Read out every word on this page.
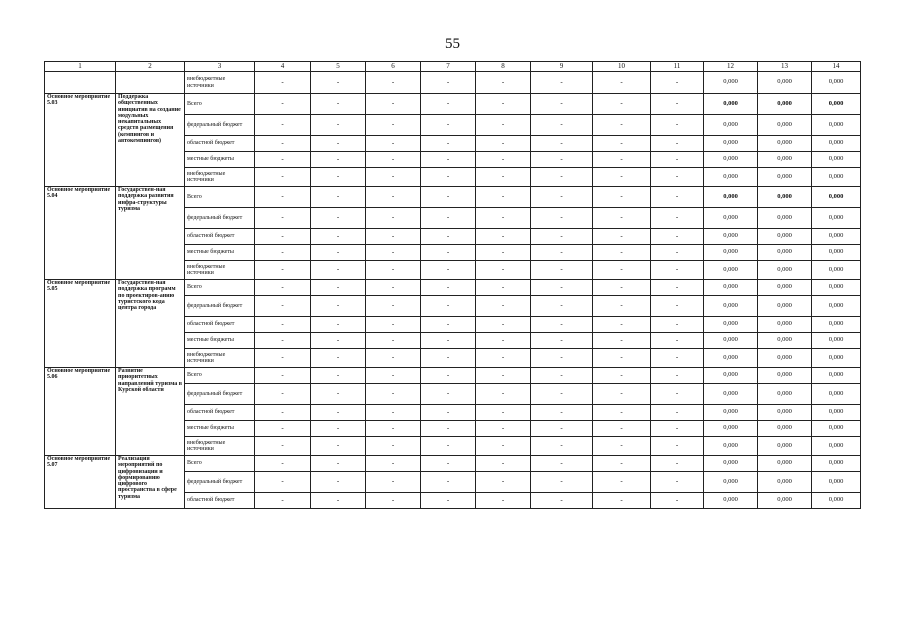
55
1	2	3	4	5	6	7	8	9	10	11	12	13	14
		внебюджетные источники	-	-	-	-	-	-	-	-	0,000	0,000	0,000
Основное мероприятие 5.03	Поддержка общественных инициатив на создание модульных некапитальных средств размещения (кемпингов и автокемпингов)	Всего	-	-	-	-	-	-	-	-	0,000	0,000	0,000
		федеральный бюджет	-	-	-	-	-	-	-	-	0,000	0,000	0,000
		областной бюджет	-	-	-	-	-	-	-	-	0,000	0,000	0,000
		местные бюджеты	-	-	-	-	-	-	-	-	0,000	0,000	0,000
		внебюджетные источники	-	-	-	-	-	-	-	-	0,000	0,000	0,000
Основное мероприятие 5.04	Государствен-ная поддержка развития инфра-структуры туризма	Всего	-	-	-	-	-	-	-	-	0,000	0,000	0,000
		федеральный бюджет	-	-	-	-	-	-	-	-	0,000	0,000	0,000
		областной бюджет	-	-	-	-	-	-	-	-	0,000	0,000	0,000
		местные бюджеты	-	-	-	-	-	-	-	-	0,000	0,000	0,000
		внебюджетные источники	-	-	-	-	-	-	-	-	0,000	0,000	0,000
Основное мероприятие 5.05	Государствен-ная поддержка программ по проектиров-анию туристского кода центра города	Всего	-	-	-	-	-	-	-	-	0,000	0,000	0,000
		федеральный бюджет	-	-	-	-	-	-	-	-	0,000	0,000	0,000
		областной бюджет	-	-	-	-	-	-	-	-	0,000	0,000	0,000
		местные бюджеты	-	-	-	-	-	-	-	-	0,000	0,000	0,000
		внебюджетные источники	-	-	-	-	-	-	-	-	0,000	0,000	0,000
Основное мероприятие 5.06	Развитие приоритетных направлений туризма в Курской области	Всего	-	-	-	-	-	-	-	-	0,000	0,000	0,000
		федеральный бюджет	-	-	-	-	-	-	-	-	0,000	0,000	0,000
		областной бюджет	-	-	-	-	-	-	-	-	0,000	0,000	0,000
		местные бюджеты	-	-	-	-	-	-	-	-	0,000	0,000	0,000
		внебюджетные источники	-	-	-	-	-	-	-	-	0,000	0,000	0,000
Основное мероприятие 5.07	Реализация мероприятий по цифровизации и формированию цифрового пространства в сфере туризма	Всего	-	-	-	-	-	-	-	-	0,000	0,000	0,000
		федеральный бюджет	-	-	-	-	-	-	-	-	0,000	0,000	0,000
		областной бюджет	-	-	-	-	-	-	-	-	0,000	0,000	0,000
